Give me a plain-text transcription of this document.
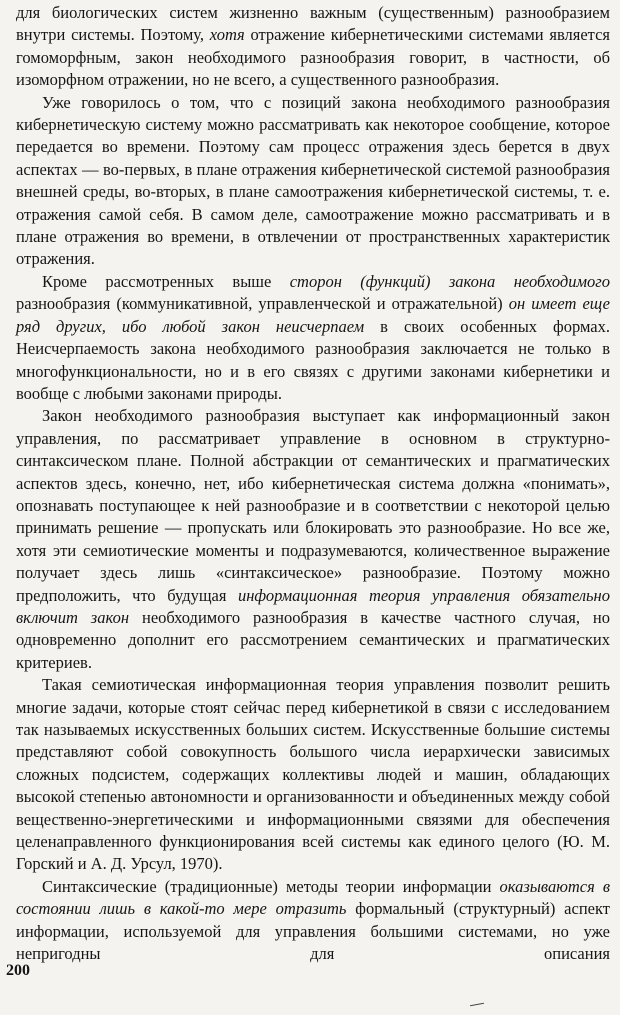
для биологических систем жизненно важным (существенным) разнообразием внутри системы. Поэтому, хотя отражение кибернетическими системами является гомоморфным, закон необходимого разнообразия говорит, в частности, об изоморфном отражении, но не всего, а существенного разнообразия.

Уже говорилось о том, что с позиций закона необходимого разнообразия кибернетическую систему можно рассматривать как некоторое сообщение, которое передается во времени. Поэтому сам процесс отражения здесь берется в двух аспектах — во-первых, в плане отражения кибернетической системой разнообразия внешней среды, во-вторых, в плане самоотражения кибернетической системы, т. е. отражения самой себя. В самом деле, самоотражение можно рассматривать и в плане отражения во времени, в отвлечении от пространственных характеристик отражения.

Кроме рассмотренных выше сторон (функций) закона необходимого разнообразия (коммуникативной, управленческой и отражательной) он имеет еще ряд других, ибо любой закон неисчерпаем в своих особенных формах. Неисчерпаемость закона необходимого разнообразия заключается не только в многофункциональности, но и в его связях с другими законами кибернетики и вообще с любыми законами природы.

Закон необходимого разнообразия выступает как информационный закон управления, по рассматривает управление в основном в структурно-синтаксическом плане. Полной абстракции от семантических и прагматических аспектов здесь, конечно, нет, ибо кибернетическая система должна «понимать», опознавать поступающее к ней разнообразие и в соответствии с некоторой целью принимать решение — пропускать или блокировать это разнообразие. Но все же, хотя эти семиотические моменты и подразумеваются, количественное выражение получает здесь лишь «синтаксическое» разнообразие. Поэтому можно предположить, что будущая информационная теория управления обязательно включит закон необходимого разнообразия в качестве частного случая, но одновременно дополнит его рассмотрением семантических и прагматических критериев.

Такая семиотическая информационная теория управления позволит решить многие задачи, которые стоят сейчас перед кибернетикой в связи с исследованием так называемых искусственных больших систем. Искусственные большие системы представляют собой совокупность большого числа иерархически зависимых сложных подсистем, содержащих коллективы людей и машин, обладающих высокой степенью автономности и организованности и объединенных между собой вещественно-энергетическими и информационными связями для обеспечения целенаправленного функционирования всей системы как единого целого (Ю. М. Горский и А. Д. Урсул, 1970).

Синтаксические (традиционные) методы теории информации оказываются в состоянии лишь в какой-то мере отразить формальный (структурный) аспект информации, используемой для управления большими системами, но уже непригодны для описания

200
